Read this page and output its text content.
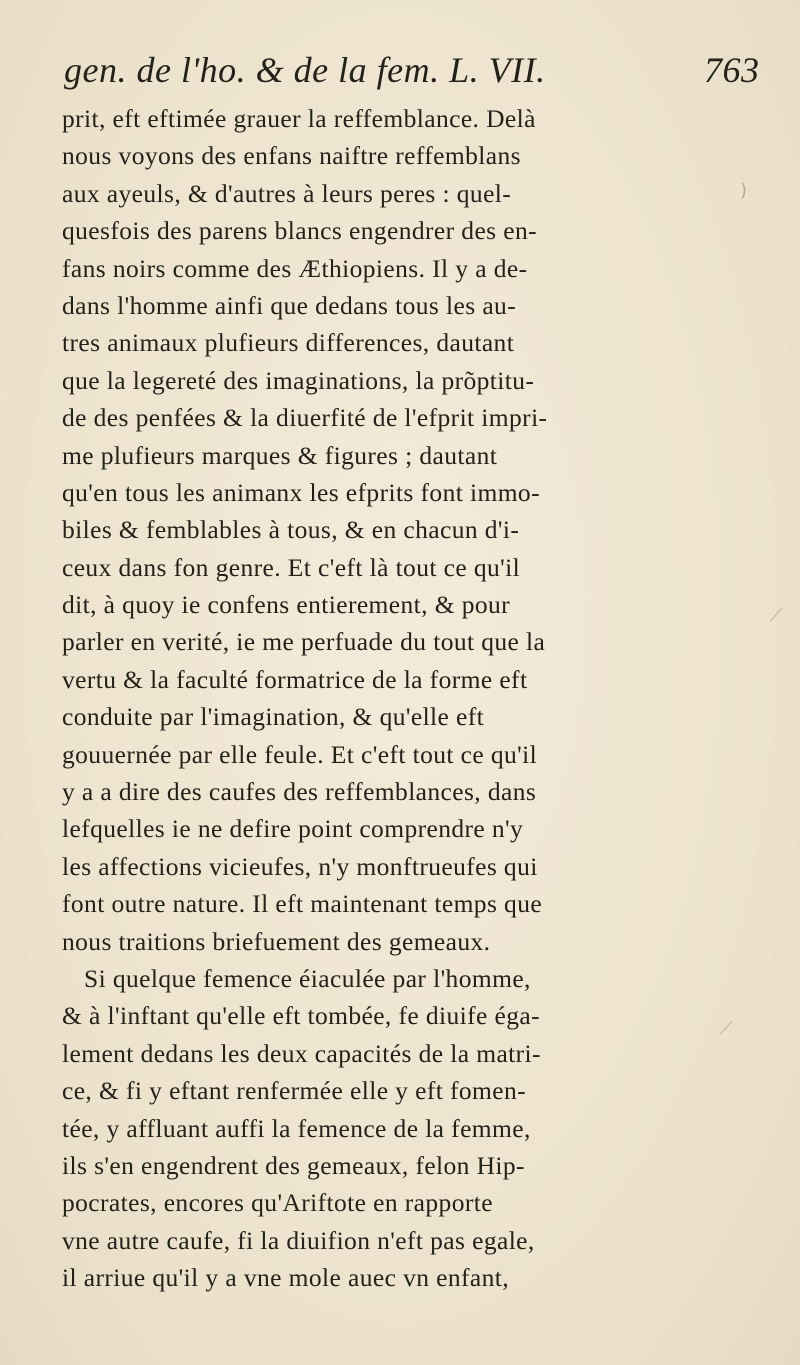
gen. de l'ho. & de la fem. L. VII.	763
prit, eft eftimée grauer la reffemblance. Delà
nous voyons des enfans naiftre reffemblans
aux ayeuls, & d'autres à leurs peres : quel-
quesfois des parens blancs engendrer des en-
fans noirs comme des Æthiopiens. Il y a de-
dans l'homme ainfi que dedans tous les au-
tres animaux plufieurs differences, dautant
que la legereté des imaginations, la prõptitu-
de des penfées & la diuerfité de l'efprit impri-
me plufieurs marques & figures ; dautant
qu'en tous les animanx les efprits font immo-
biles & femblables à tous, & en chacun d'i-
ceux dans fon genre. Et c'eft là tout ce qu'il
dit, à quoy ie confens entierement, & pour
parler en verité, ie me perfuade du tout que la
vertu & la faculté formatrice de la forme eft
conduite par l'imagination, & qu'elle eft
gouuernée par elle feule. Et c'eft tout ce qu'il
y a a dire des caufes des reffemblances, dans
lefquelles ie ne defire point comprendre n'y
les affections vicieufes, n'y monftrueufes qui
font outre nature. Il eft maintenant temps que
nous traitions briefuement des gemeaux.
Si quelque femence éiaculée par l'homme,
& à l'inftant qu'elle eft tombée, fe diuife éga-
lement dedans les deux capacités de la matri-
ce, & fi y eftant renfermée elle y eft fomen-
tée, y affluant auffi la femence de la femme,
ils s'en engendrent des gemeaux, felon Hip-
pocrates, encores qu'Ariftote en rapporte
vne autre caufe, fi la diuifion n'eft pas egale,
il arriue qu'il y a vne mole auec vn enfant,
)
⟋
⟋
